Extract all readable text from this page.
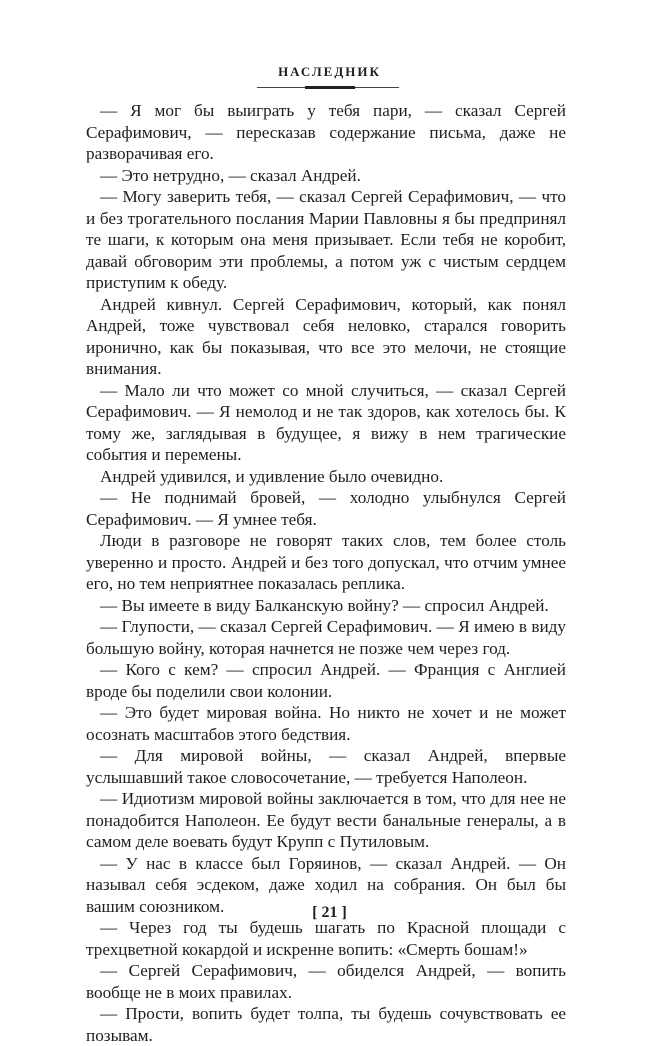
НАСЛЕДНИК

— Я мог бы выиграть у тебя пари, — сказал Сергей Серафимович, — пересказав содержание письма, даже не разворачивая его.

— Это нетрудно, — сказал Андрей.

— Могу заверить тебя, — сказал Сергей Серафимович, — что и без трогательного послания Марии Павловны я бы предпринял те шаги, к которым она меня призывает. Если тебя не коробит, давай обговорим эти проблемы, а потом уж с чистым сердцем приступим к обеду.

Андрей кивнул. Сергей Серафимович, который, как понял Андрей, тоже чувствовал себя неловко, старался говорить иронично, как бы показывая, что все это мелочи, не стоящие внимания.

— Мало ли что может со мной случиться, — сказал Сергей Серафимович. — Я немолод и не так здоров, как хотелось бы. К тому же, заглядывая в будущее, я вижу в нем трагические события и перемены.

Андрей удивился, и удивление было очевидно.

— Не поднимай бровей, — холодно улыбнулся Сергей Серафимович. — Я умнее тебя.

Люди в разговоре не говорят таких слов, тем более столь уверенно и просто. Андрей и без того допускал, что отчим умнее его, но тем неприятнее показалась реплика.

— Вы имеете в виду Балканскую войну? — спросил Андрей.

— Глупости, — сказал Сергей Серафимович. — Я имею в виду большую войну, которая начнется не позже чем через год.

— Кого с кем? — спросил Андрей. — Франция с Англией вроде бы поделили свои колонии.

— Это будет мировая война. Но никто не хочет и не может осознать масштабов этого бедствия.

— Для мировой войны, — сказал Андрей, впервые услышавший такое словосочетание, — требуется Наполеон.

— Идиотизм мировой войны заключается в том, что для нее не понадобится Наполеон. Ее будут вести банальные генералы, а в самом деле воевать будут Крупп с Путиловым.

— У нас в классе был Горяинов, — сказал Андрей. — Он называл себя эсдеком, даже ходил на собрания. Он был бы вашим союзником.

— Через год ты будешь шагать по Красной площади с трехцветной кокардой и искренне вопить: «Смерть бошам!»

— Сергей Серафимович, — обиделся Андрей, — вопить вообще не в моих правилах.

— Прости, вопить будет толпа, ты будешь сочувствовать ее позывам.

[ 21 ]
